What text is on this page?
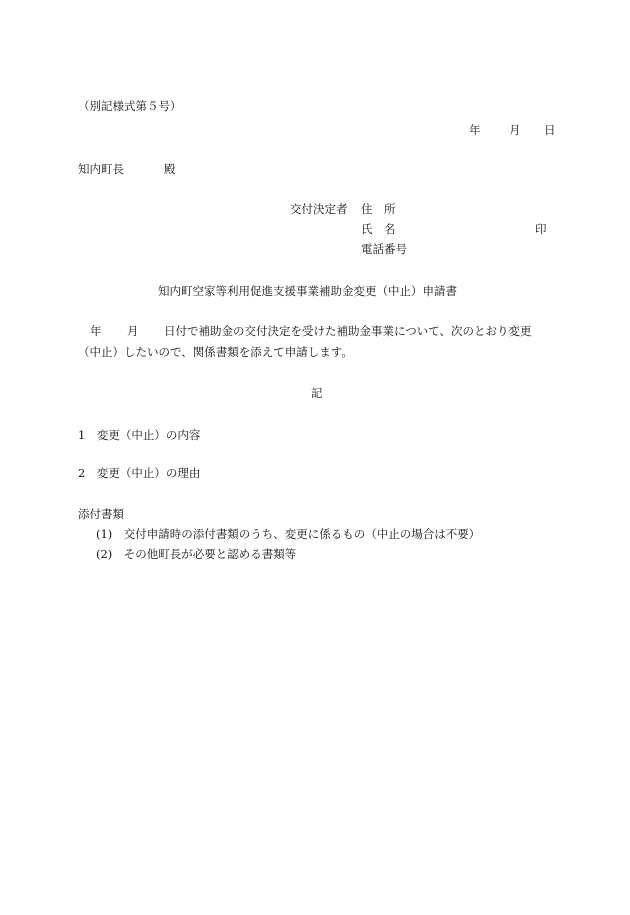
（別記様式第５号）
年 月 日
知内町長	殿
交付決定者 住　所
氏　名	印
電話番号
知内町空家等利用促進支援事業補助金変更（中止）申請書
年 月 日付で補助金の交付決定を受けた補助金事業について、次のとおり変更
（中止）したいので、関係書類を添えて申請します。
記
1　変更（中止）の内容
2　変更（中止）の理由
添付書類
(1)　交付申請時の添付書類のうち、変更に係るもの（中止の場合は不要）
(2)　その他町長が必要と認める書類等
